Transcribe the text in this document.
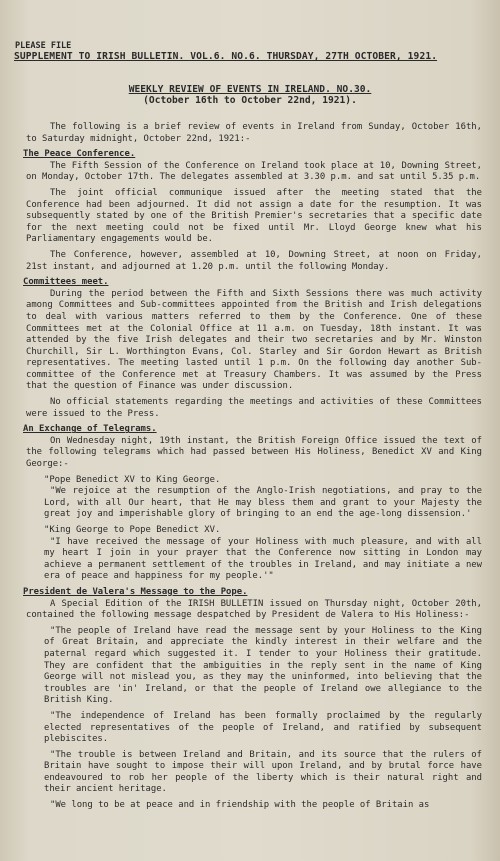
PLEASE FILE
SUPPLEMENT TO IRISH BULLETIN. VOL.6. NO.6. THURSDAY, 27TH OCTOBER, 1921.
WEEKLY REVIEW OF EVENTS IN IRELAND. NO.30.
(October 16th to October 22nd, 1921).

The following is a brief review of events in Ireland from Sunday, October 16th, to Saturday midnight, October 22nd, 1921:-

The Peace Conference.

The Fifth Session of the Conference on Ireland took place at 10, Downing Street, on Monday, October 17th. The delegates assembled at 3.30 p.m. and sat until 5.35 p.m.

The joint official communique issued after the meeting stated that the Conference had been adjourned. It did not assign a date for the resumption. It was subsequently stated by one of the British Premier's secretaries that a specific date for the next meeting could not be fixed until Mr. Lloyd George knew what his Parliamentary engagements would be.

The Conference, however, assembled at 10, Downing Street, at noon on Friday, 21st instant, and adjourned at 1.20 p.m. until the following Monday.

Committees meet.

During the period between the Fifth and Sixth Sessions there was much activity among Committees and Sub-committees appointed from the British and Irish delegations to deal with various matters referred to them by the Conference. One of these Committees met at the Colonial Office at 11 a.m. on Tuesday, 18th instant. It was attended by the five Irish delegates and their two secretaries and by Mr. Winston Churchill, Sir L. Worthington Evans, Col. Starley and Sir Gordon Hewart as British representatives. The meeting lasted until 1 p.m. On the following day another Sub-committee of the Conference met at Treasury Chambers. It was assumed by the Press that the question of Finance was under discussion.

No official statements regarding the meetings and activities of these Committees were issued to the Press.

An Exchange of Telegrams.

On Wednesday night, 19th instant, the British Foreign Office issued the text of the following telegrams which had passed between His Holiness, Benedict XV and King George:-

"Pope Benedict XV to King George.

"We rejoice at the resumption of the Anglo-Irish negotiations, and pray to the Lord, with all Our heart, that He may bless them and grant to your Majesty the great joy and imperishable glory of bringing to an end the age-long dissension.'

"King George to Pope Benedict XV.

"I have received the message of your Holiness with much pleasure, and with all my heart I join in your prayer that the Conference now sitting in London may achieve a permanent settlement of the troubles in Ireland, and may initiate a new era of peace and happiness for my people.'"

President de Valera's Message to the Pope.

A Special Edition of the IRISH BULLETIN issued on Thursday night, October 20th, contained the following message despatched by President de Valera to His Holiness:-

"The people of Ireland have read the message sent by your Holiness to the King of Great Britain, and appreciate the kindly interest in their welfare and the paternal regard which suggested it. I tender to your Holiness their gratitude. They are confident that the ambiguities in the reply sent in the name of King George will not mislead you, as they may the uninformed, into believing that the troubles are 'in' Ireland, or that the people of Ireland owe allegiance to the British King.

"The independence of Ireland has been formally proclaimed by the regularly elected representatives of the people of Ireland, and ratified by subsequent plebiscites.

"The trouble is between Ireland and Britain, and its source that the rulers of Britain have sought to impose their will upon Ireland, and by brutal force have endeavoured to rob her people of the liberty which is their natural right and their ancient heritage.

"We long to be at peace and in friendship with the people of Britain as
